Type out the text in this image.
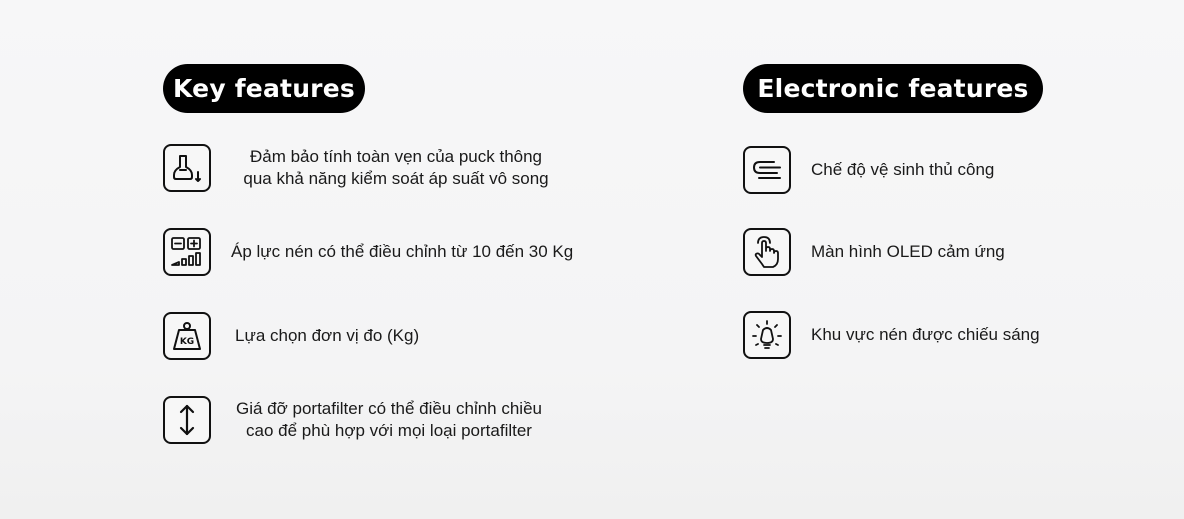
Key features	Electronic features
Đảm bảo tính toàn vẹn của puck thông
qua khả năng kiểm soát áp suất vô song
Áp lực nén có thể điều chỉnh từ 10 đến 30 Kg
KG Lựa chọn đơn vị đo (Kg)
Giá đỡ portafilter có thể điều chỉnh chiều
cao để phù hợp với mọi loại portafilter
Chế độ vệ sinh thủ công
Màn hình OLED cảm ứng
Khu vực nén được chiếu sáng
